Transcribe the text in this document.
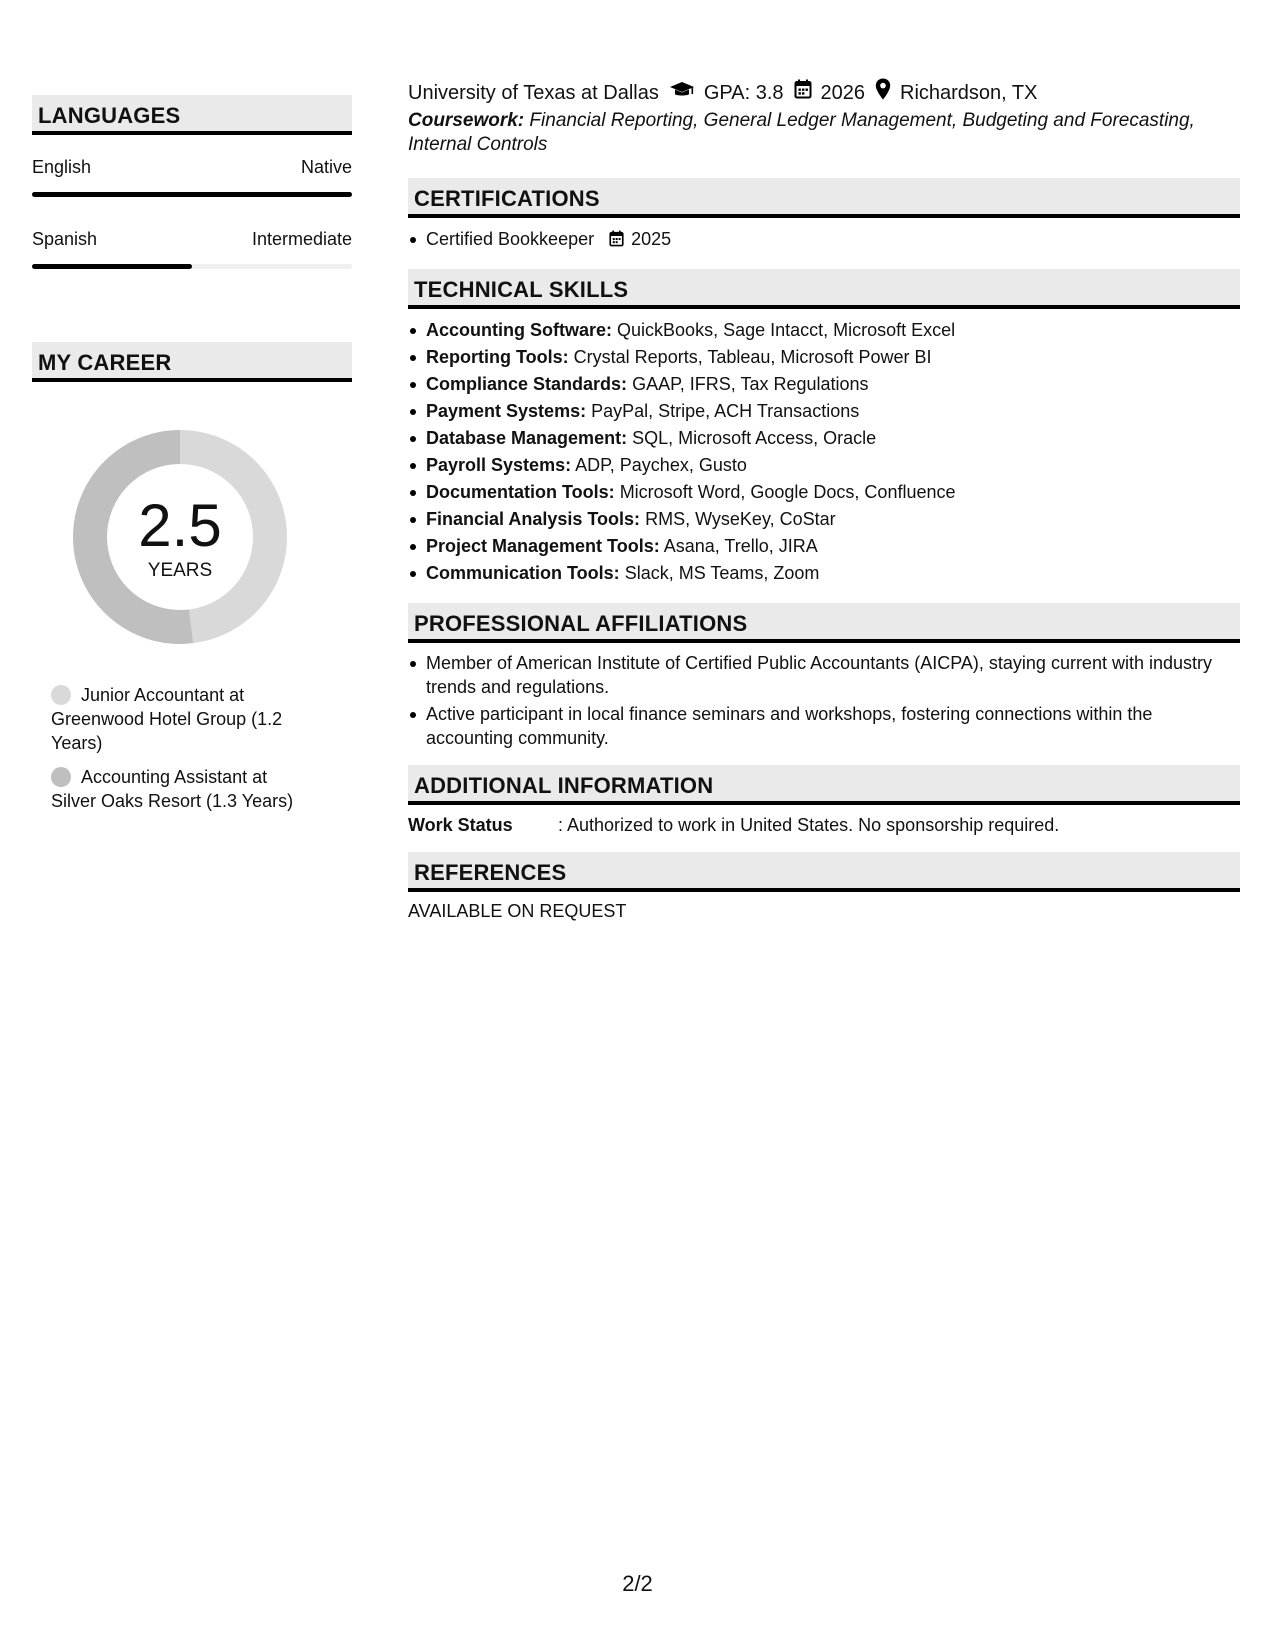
LANGUAGES
English	Native
Spanish	Intermediate
MY CAREER
2.5
YEARS
Junior Accountant at Greenwood Hotel Group (1.2 Years)
Accounting Assistant at Silver Oaks Resort (1.3 Years)
University of Texas at Dallas GPA: 3.8 2026 Richardson, TX
Coursework: Financial Reporting, General Ledger Management, Budgeting and Forecasting, Internal Controls
CERTIFICATIONS
Certified Bookkeeper 2025
TECHNICAL SKILLS
Accounting Software: QuickBooks, Sage Intacct, Microsoft Excel
Reporting Tools: Crystal Reports, Tableau, Microsoft Power BI
Compliance Standards: GAAP, IFRS, Tax Regulations
Payment Systems: PayPal, Stripe, ACH Transactions
Database Management: SQL, Microsoft Access, Oracle
Payroll Systems: ADP, Paychex, Gusto
Documentation Tools: Microsoft Word, Google Docs, Confluence
Financial Analysis Tools: RMS, WyseKey, CoStar
Project Management Tools: Asana, Trello, JIRA
Communication Tools: Slack, MS Teams, Zoom
PROFESSIONAL AFFILIATIONS
Member of American Institute of Certified Public Accountants (AICPA), staying current with industry trends and regulations.
Active participant in local finance seminars and workshops, fostering connections within the accounting community.
ADDITIONAL INFORMATION
Work Status	: Authorized to work in United States. No sponsorship required.
REFERENCES
AVAILABLE ON REQUEST
2/2
